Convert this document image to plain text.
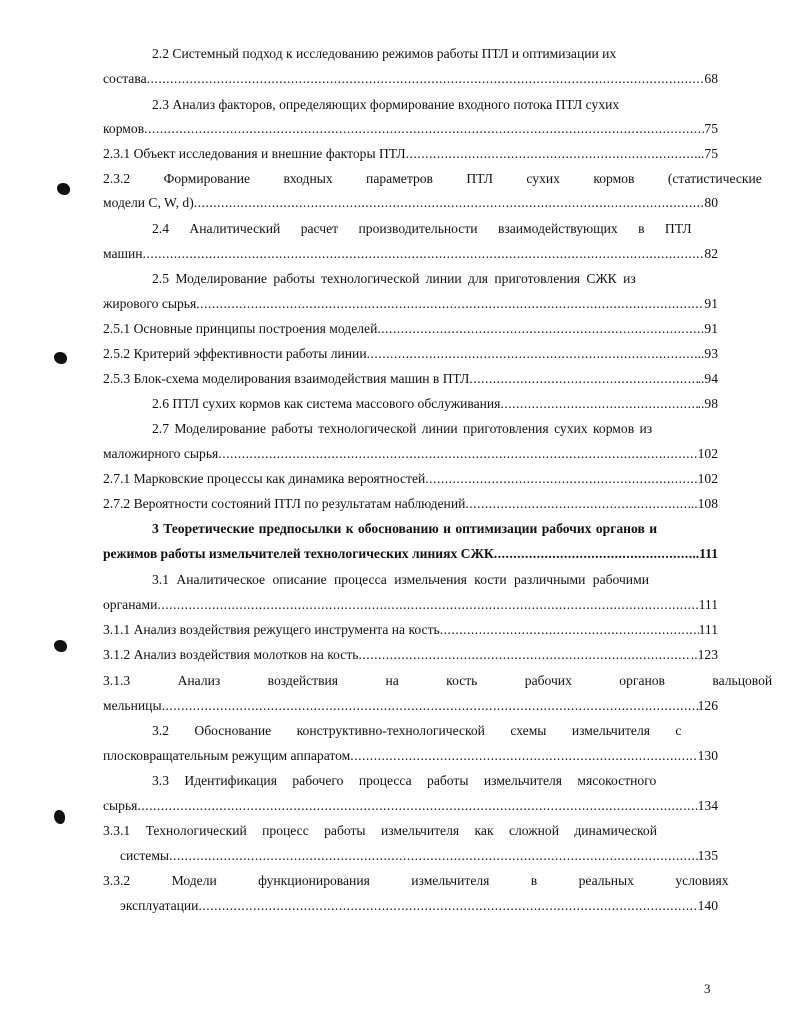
2.2 Системный подход к исследованию режимов работы ПТЛ и оптимизации их
состава .....	68
2.3 Анализ факторов, определяющих формирование входного потока ПТЛ сухих
кормов .....	75
2.3.1 Объект исследования и внешние факторы ПТЛ .....	..75
2.3.2 Формирование входных параметров ПТЛ сухих кормов (статистические
модели C, W, d) .....	80
2.4 Аналитический расчет производительности взаимодействующих в ПТЛ
машин .....	82
2.5 Моделирование работы технологической линии для приготовления СЖК из
жирового сырья .....	91
2.5.1 Основные принципы построения моделей .....	91
2.5.2 Критерий эффективности работы линии .....	..93
2.5.3 Блок-схема моделирования взаимодействия машин в ПТЛ .....	..94
2.6 ПТЛ сухих кормов как система массового обслуживания .....	..98
2.7 Моделирование работы технологической линии приготовления сухих кормов из
маложирного сырья .....	102
2.7.1 Марковские процессы как динамика вероятностей .....	102
2.7.2 Вероятности состояний ПТЛ по результатам наблюдений .....	..108
3 Теоретические предпосылки к обоснованию и оптимизации рабочих органов и
режимов работы измельчителей технологических линиях СЖК .....	..111
3.1 Аналитическое описание процесса измельчения кости различными рабочими
органами .....	111
3.1.1 Анализ воздействия режущего инструмента на кость .....	111
3.1.2 Анализ воздействия молотков на кость .....	..123
3.1.3 Анализ воздействия на кость рабочих органов вальцовой
мельницы .....	126
3.2 Обоснование конструктивно-технологической схемы измельчителя с
плосковращательным режущим аппаратом .....	130
3.3 Идентификация рабочего процесса работы измельчителя мясокостного
сырья .....	134
3.3.1 Технологический процесс работы измельчителя как сложной динамической
системы .....	135
3.3.2 Модели функционирования измельчителя в реальных условиях
эксплуатации .....	140
3
